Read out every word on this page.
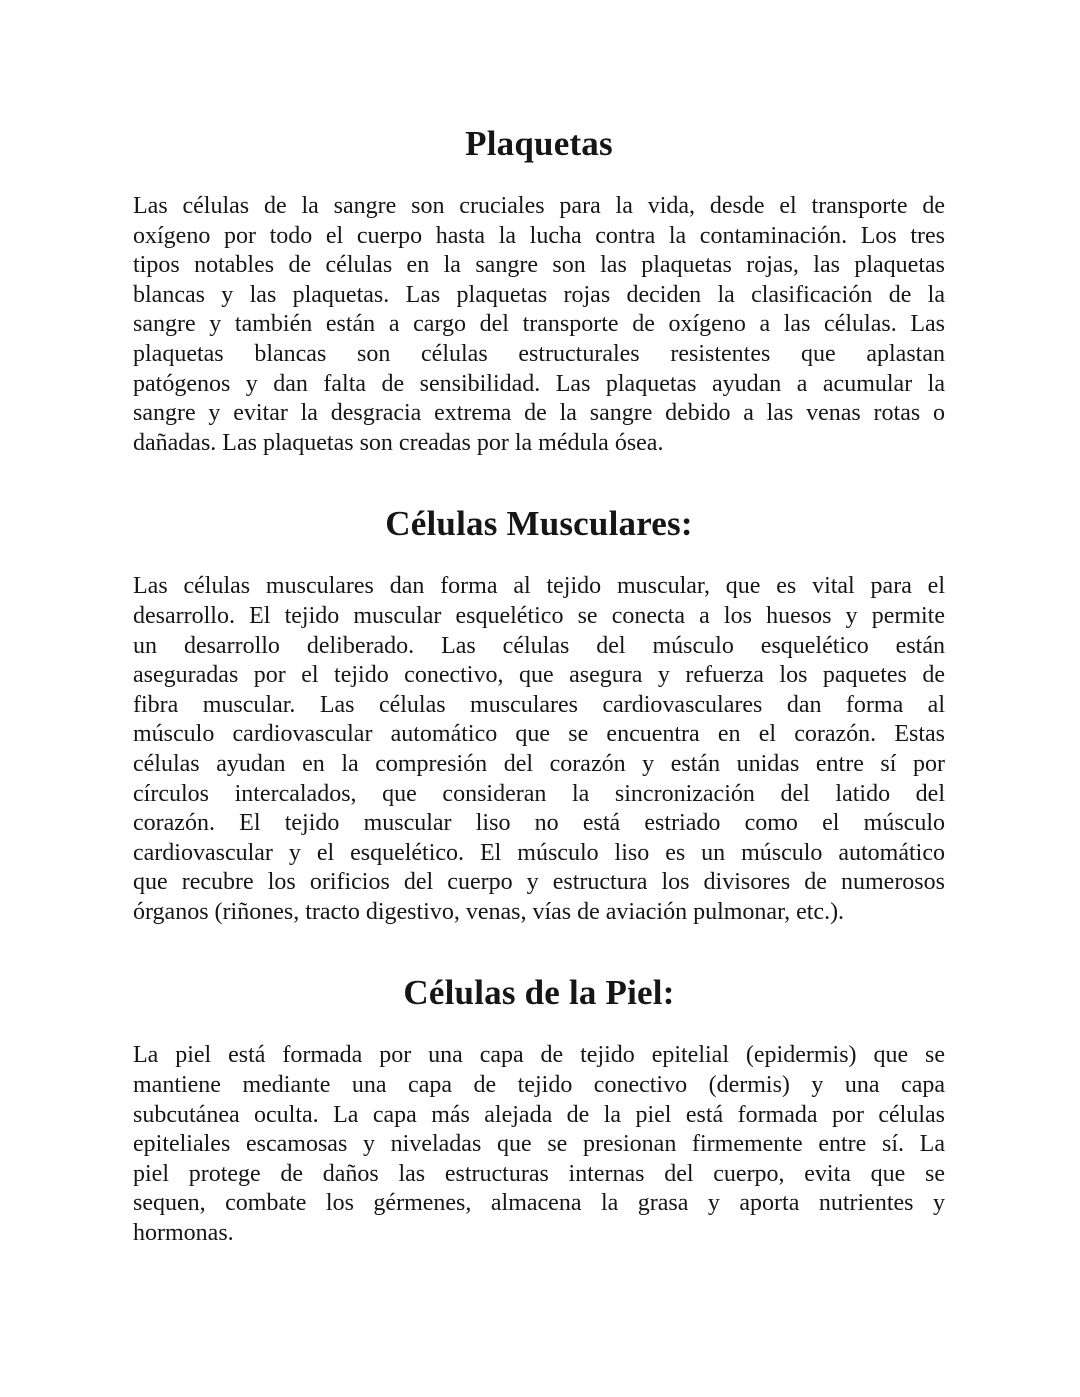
Plaquetas
Las células de la sangre son cruciales para la vida, desde el transporte de
oxígeno por todo el cuerpo hasta la lucha contra la contaminación. Los tres
tipos notables de células en la sangre son las plaquetas rojas, las plaquetas
blancas y las plaquetas. Las plaquetas rojas deciden la clasificación de la
sangre y también están a cargo del transporte de oxígeno a las células. Las
plaquetas blancas son células estructurales resistentes que aplastan
patógenos y dan falta de sensibilidad. Las plaquetas ayudan a acumular la
sangre y evitar la desgracia extrema de la sangre debido a las venas rotas o
dañadas. Las plaquetas son creadas por la médula ósea.
Células Musculares:
Las células musculares dan forma al tejido muscular, que es vital para el
desarrollo. El tejido muscular esquelético se conecta a los huesos y permite
un desarrollo deliberado. Las células del músculo esquelético están
aseguradas por el tejido conectivo, que asegura y refuerza los paquetes de
fibra muscular. Las células musculares cardiovasculares dan forma al
músculo cardiovascular automático que se encuentra en el corazón. Estas
células ayudan en la compresión del corazón y están unidas entre sí por
círculos intercalados, que consideran la sincronización del latido del
corazón. El tejido muscular liso no está estriado como el músculo
cardiovascular y el esquelético. El músculo liso es un músculo automático
que recubre los orificios del cuerpo y estructura los divisores de numerosos
órganos (riñones, tracto digestivo, venas, vías de aviación pulmonar, etc.).
Células de la Piel:
La piel está formada por una capa de tejido epitelial (epidermis) que se
mantiene mediante una capa de tejido conectivo (dermis) y una capa
subcutánea oculta. La capa más alejada de la piel está formada por células
epiteliales escamosas y niveladas que se presionan firmemente entre sí. La
piel protege de daños las estructuras internas del cuerpo, evita que se
sequen, combate los gérmenes, almacena la grasa y aporta nutrientes y
hormonas.
